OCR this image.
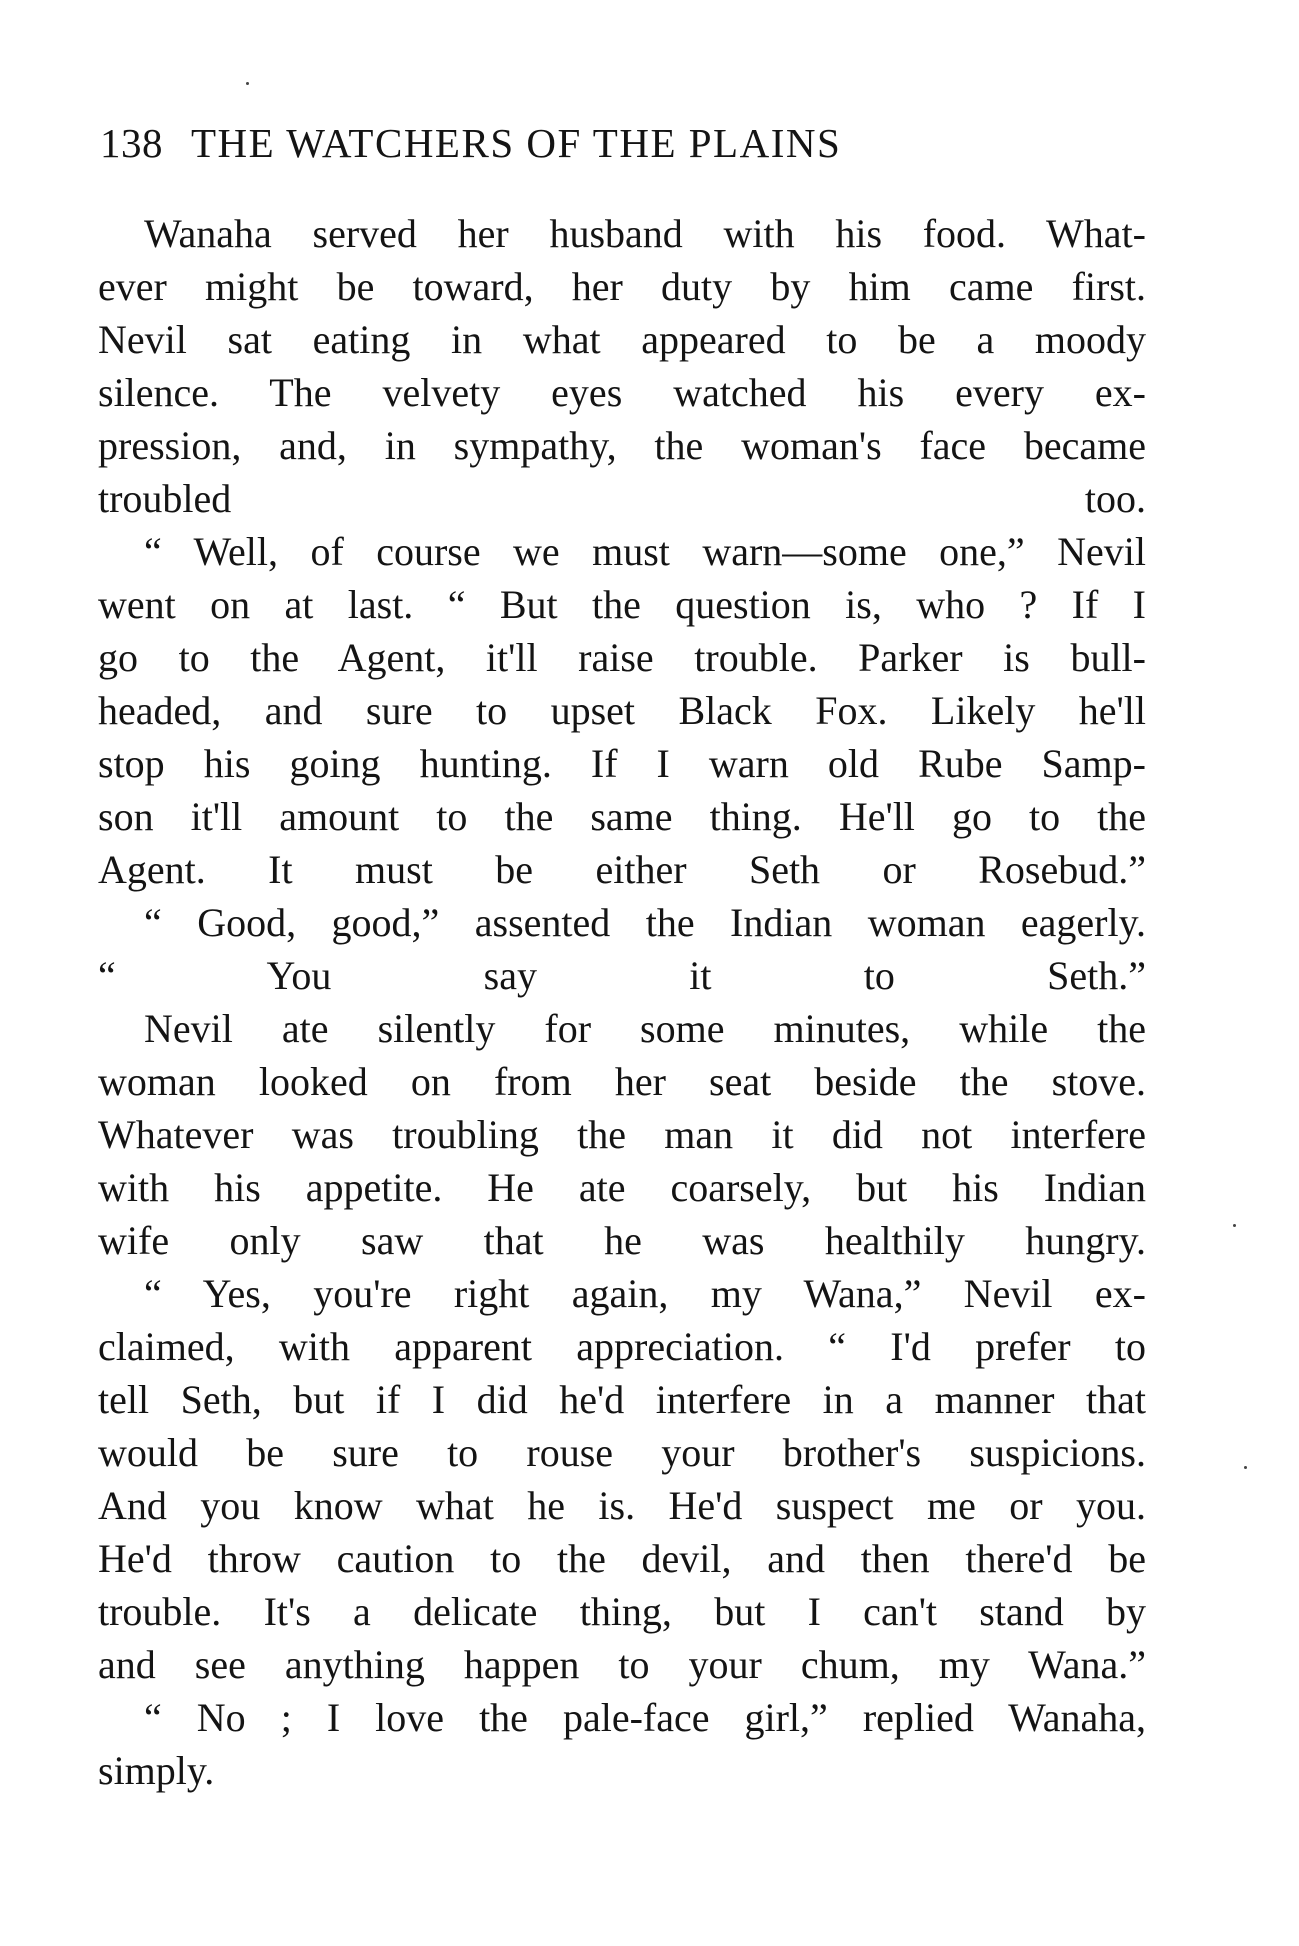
138 THE WATCHERS OF THE PLAINS

Wanaha served her husband with his food. What-
ever might be toward, her duty by him came first.
Nevil sat eating in what appeared to be a moody
silence. The velvety eyes watched his every ex-
pression, and, in sympathy, the woman's face became
troubled too.

“ Well, of course we must warn—some one,” Nevil
went on at last. “ But the question is, who ? If I
go to the Agent, it'll raise trouble. Parker is bull-
headed, and sure to upset Black Fox. Likely he'll
stop his going hunting. If I warn old Rube Samp-
son it'll amount to the same thing. He'll go to the
Agent. It must be either Seth or Rosebud.”

“ Good, good,” assented the Indian woman eagerly.
“ You say it to Seth.”

Nevil ate silently for some minutes, while the
woman looked on from her seat beside the stove.
Whatever was troubling the man it did not interfere
with his appetite. He ate coarsely, but his Indian
wife only saw that he was healthily hungry.

“ Yes, you're right again, my Wana,” Nevil ex-
claimed, with apparent appreciation. “ I'd prefer to
tell Seth, but if I did he'd interfere in a manner that
would be sure to rouse your brother's suspicions.
And you know what he is. He'd suspect me or you.
He'd throw caution to the devil, and then there'd be
trouble. It's a delicate thing, but I can't stand by
and see anything happen to your chum, my Wana.”

“ No ; I love the pale-face girl,” replied Wanaha,
simply.
